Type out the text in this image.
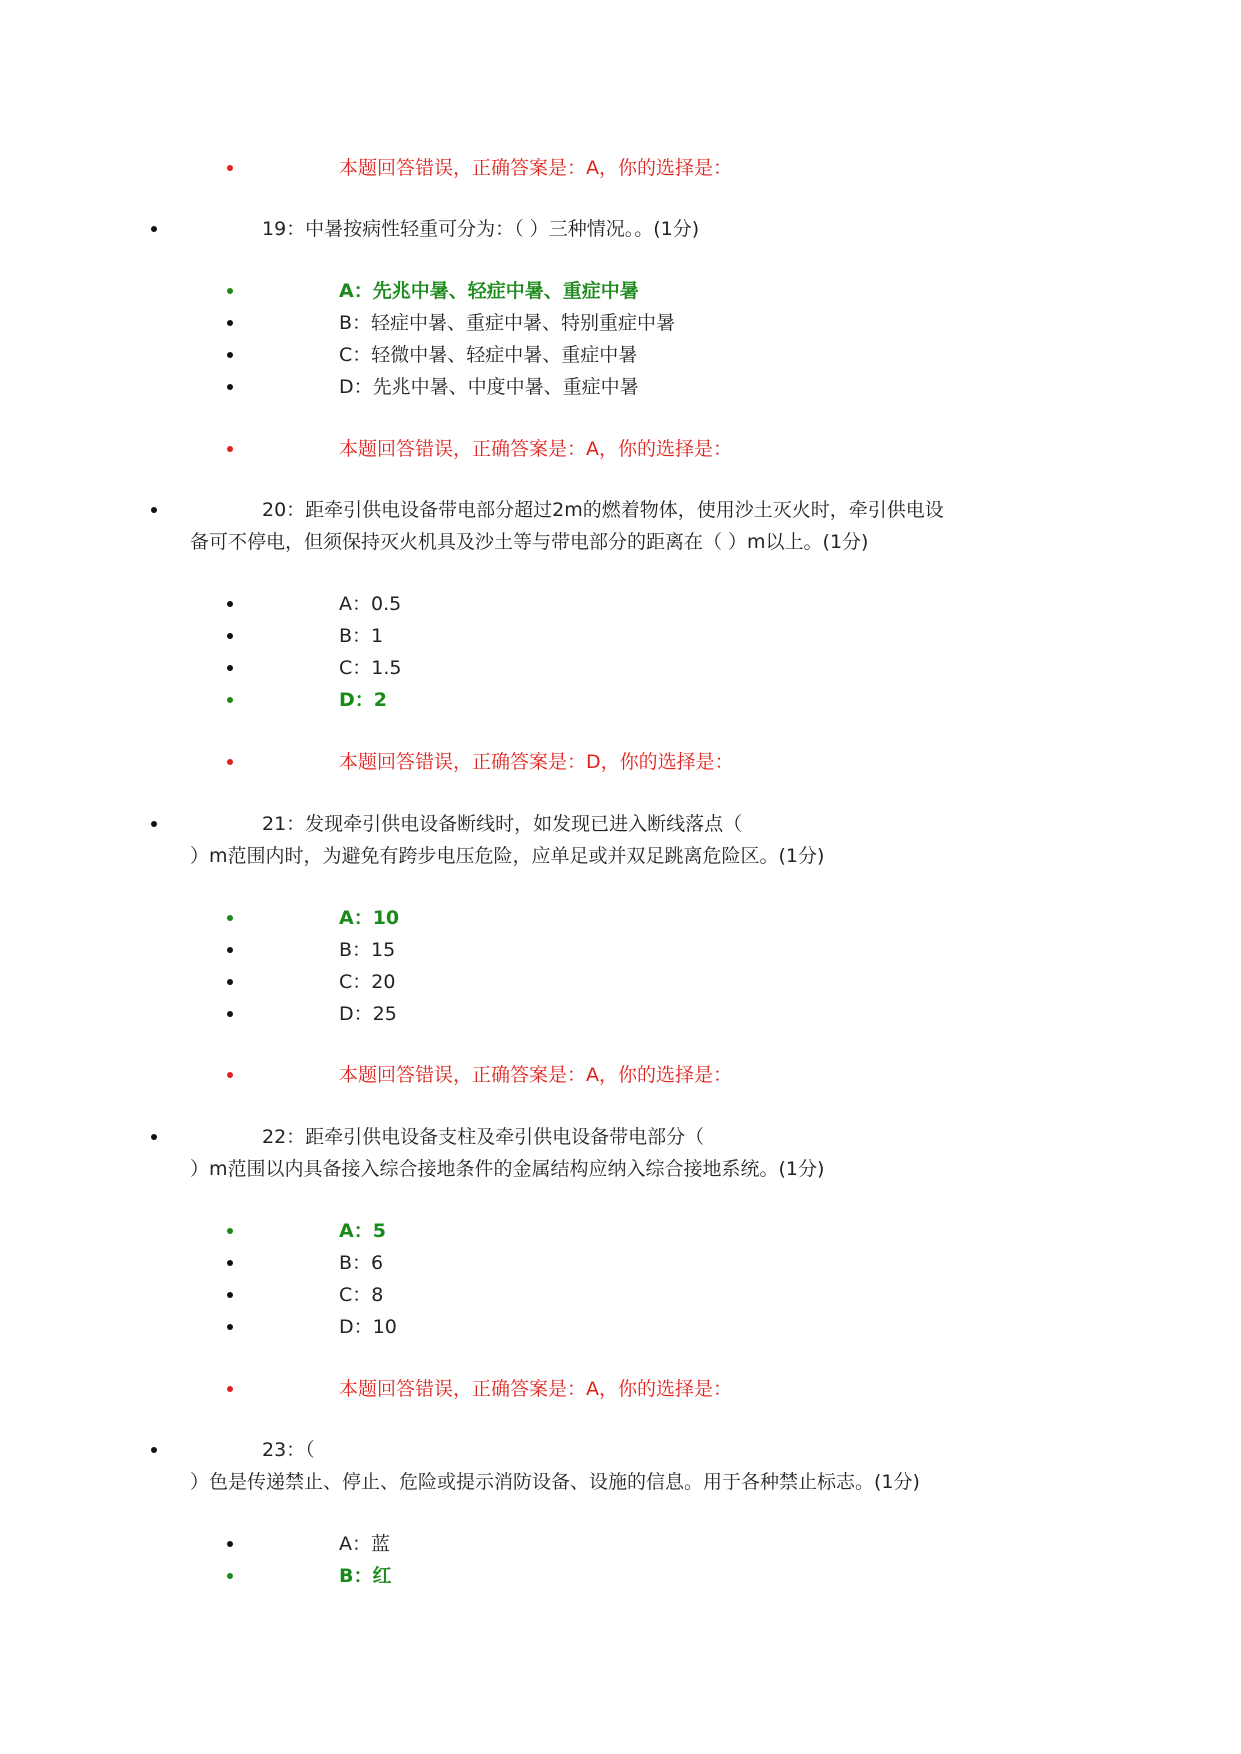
本题回答错误，正确答案是：A，你的选择是：
19：中暑按病性轻重可分为：（ ）三种情况。。(1分)
A：先兆中暑、轻症中暑、重症中暑
B：轻症中暑、重症中暑、特别重症中暑
C：轻微中暑、轻症中暑、重症中暑
D：先兆中暑、中度中暑、重症中暑
本题回答错误，正确答案是：A，你的选择是：
20：距牵引供电设备带电部分超过2m的燃着物体，使用沙土灭火时，牵引供电设
备可不停电，但须保持灭火机具及沙土等与带电部分的距离在（ ）m以上。(1分)
A：0.5
B：1
C：1.5
D：2
本题回答错误，正确答案是：D，你的选择是：
21：发现牵引供电设备断线时，如发现已进入断线落点（
）m范围内时，为避免有跨步电压危险，应单足或并双足跳离危险区。(1分)
A：10
B：15
C：20
D：25
本题回答错误，正确答案是：A，你的选择是：
22：距牵引供电设备支柱及牵引供电设备带电部分（
）m范围以内具备接入综合接地条件的金属结构应纳入综合接地系统。(1分)
A：5
B：6
C：8
D：10
本题回答错误，正确答案是：A，你的选择是：
23：（
）色是传递禁止、停止、危险或提示消防设备、设施的信息。用于各种禁止标志。(1分)
A：蓝
B：红
